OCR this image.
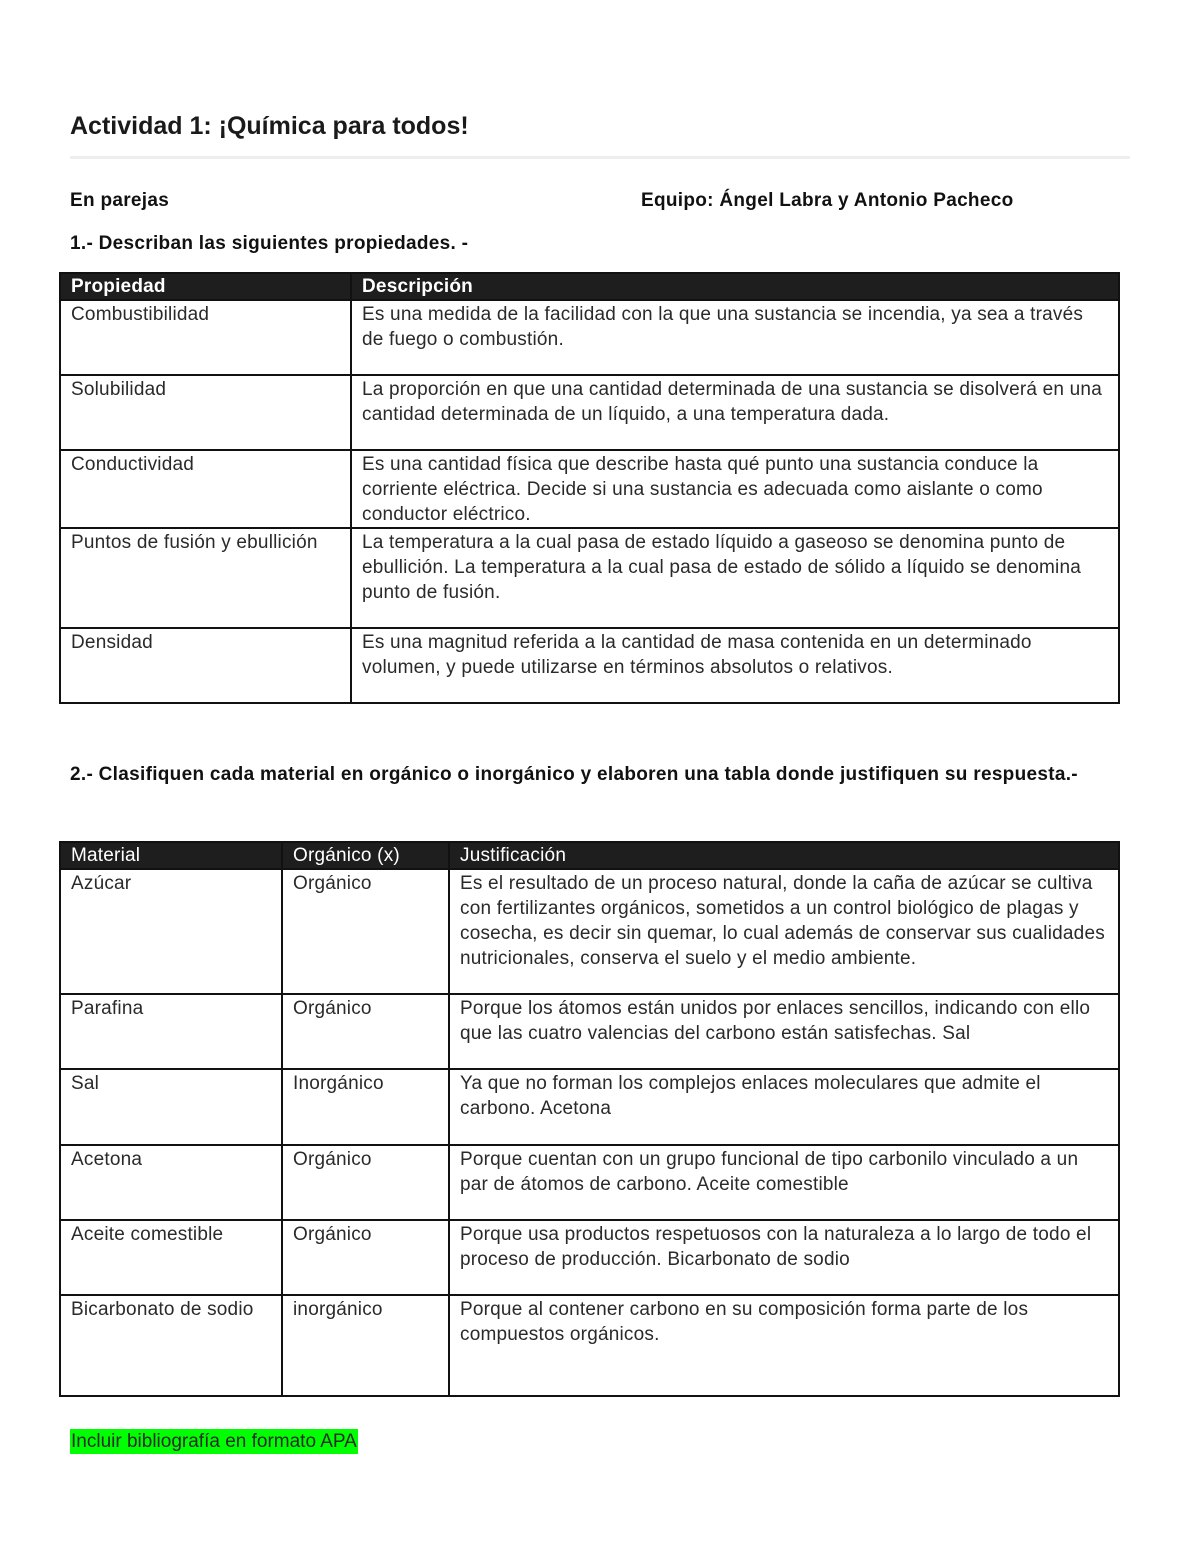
Actividad 1: ¡Química para todos!
En parejas	Equipo: Ángel Labra y Antonio Pacheco

1.- Describan las siguientes propiedades. -

Propiedad	Descripción
Combustibilidad	Es una medida de la facilidad con la que una sustancia se incendia, ya sea a través de fuego o combustión.
Solubilidad	La proporción en que una cantidad determinada de una sustancia se disolverá en una cantidad determinada de un líquido, a una temperatura dada.
Conductividad	Es una cantidad física que describe hasta qué punto una sustancia conduce la corriente eléctrica. Decide si una sustancia es adecuada como aislante o como conductor eléctrico.
Puntos de fusión y ebullición	La temperatura a la cual pasa de estado líquido a gaseoso se denomina punto de ebullición. La temperatura a la cual pasa de estado de sólido a líquido se denomina punto de fusión.
Densidad	Es una magnitud referida a la cantidad de masa contenida en un determinado volumen, y puede utilizarse en términos absolutos o relativos.

2.- Clasifiquen cada material en orgánico o inorgánico y elaboren una tabla donde justifiquen su respuesta.-

Material	Orgánico (x)	Justificación
Azúcar	Orgánico	Es el resultado de un proceso natural, donde la caña de azúcar se cultiva con fertilizantes orgánicos, sometidos a un control biológico de plagas y cosecha, es decir sin quemar, lo cual además de conservar sus cualidades nutricionales, conserva el suelo y el medio ambiente.
Parafina	Orgánico	Porque los átomos están unidos por enlaces sencillos, indicando con ello que las cuatro valencias del carbono están satisfechas. Sal
Sal	Inorgánico	Ya que no forman los complejos enlaces moleculares que admite el carbono. Acetona
Acetona	Orgánico	Porque cuentan con un grupo funcional de tipo carbonilo vinculado a un par de átomos de carbono. Aceite comestible
Aceite comestible	Orgánico	Porque usa productos respetuosos con la naturaleza a lo largo de todo el proceso de producción. Bicarbonato de sodio
Bicarbonato de sodio	inorgánico	Porque al contener carbono en su composición forma parte de los compuestos orgánicos.
Incluir bibliografía en formato APA
